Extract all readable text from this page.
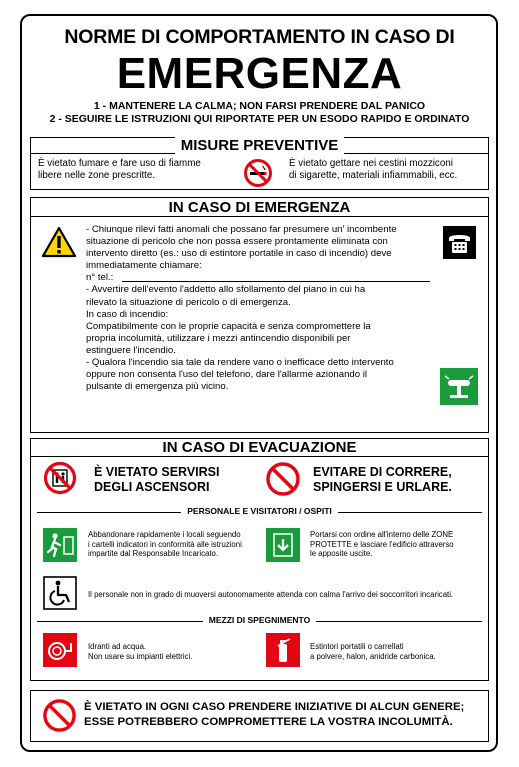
NORME DI COMPORTAMENTO IN CASO DI
EMERGENZA
1 - MANTENERE LA CALMA; NON FARSI PRENDERE DAL PANICO
2 - SEGUIRE LE ISTRUZIONI QUI RIPORTATE PER UN ESODO RAPIDO E ORDINATO
MISURE PREVENTIVE
È vietato fumare e fare uso di fiamme
libere nelle zone prescritte.
È vietato gettare nei cestini mozziconi
di sigarette, materiali infiammabili, ecc.
IN CASO DI EMERGENZA
- Chiunque rilevi fatti anomali che possano far presumere un' incombente
situazione di pericolo che non possa essere prontamente eliminata con
intervento diretto (es.: uso di estintore portatile in caso di incendio) deve
immediatamente chiamare:
n° tel.:
- Avvertire dell'evento l'addetto allo sfollamento del piano in cui ha
rilevato la situazione di pericolo o di emergenza.
In caso di incendio:
Compatibilmente con le proprie capacità e senza compromettere la
propria incolumità, utilizzare i mezzi antincendio disponibili per
estinguere l'incendio.
- Qualora l'incendio sia tale da rendere vano o inefficace detto intervento
oppure non consenta l'uso del telefono, dare l'allarme azionando il
pulsante di emergenza più vicino.
IN CASO DI EVACUAZIONE
È VIETATO SERVIRSI
DEGLI ASCENSORI
EVITARE DI CORRERE,
SPINGERSI E URLARE.
PERSONALE E VISITATORI / OSPITI
Abbandonare rapidamente i locali seguendo
i cartelli indicatori in conformità alle istruzioni
impartite dal Responsabile Incaricato.
Portarsi con ordine all'interno delle ZONE
PROTETTE e lasciare l'edificio attraverso
le apposite uscite.
Il personale non in grado di muoversi autonomamente attenda con calma l'arrivo dei soccorritori incaricati.
MEZZI DI SPEGNIMENTO
Idranti ad acqua.
Non usare su impianti elettrici.
Estintori portatili o carrellati
a polvere, halon, anidride carbonica.
È VIETATO IN OGNI CASO PRENDERE INIZIATIVE DI ALCUN GENERE;
ESSE POTREBBERO COMPROMETTERE LA VOSTRA INCOLUMITÀ.
